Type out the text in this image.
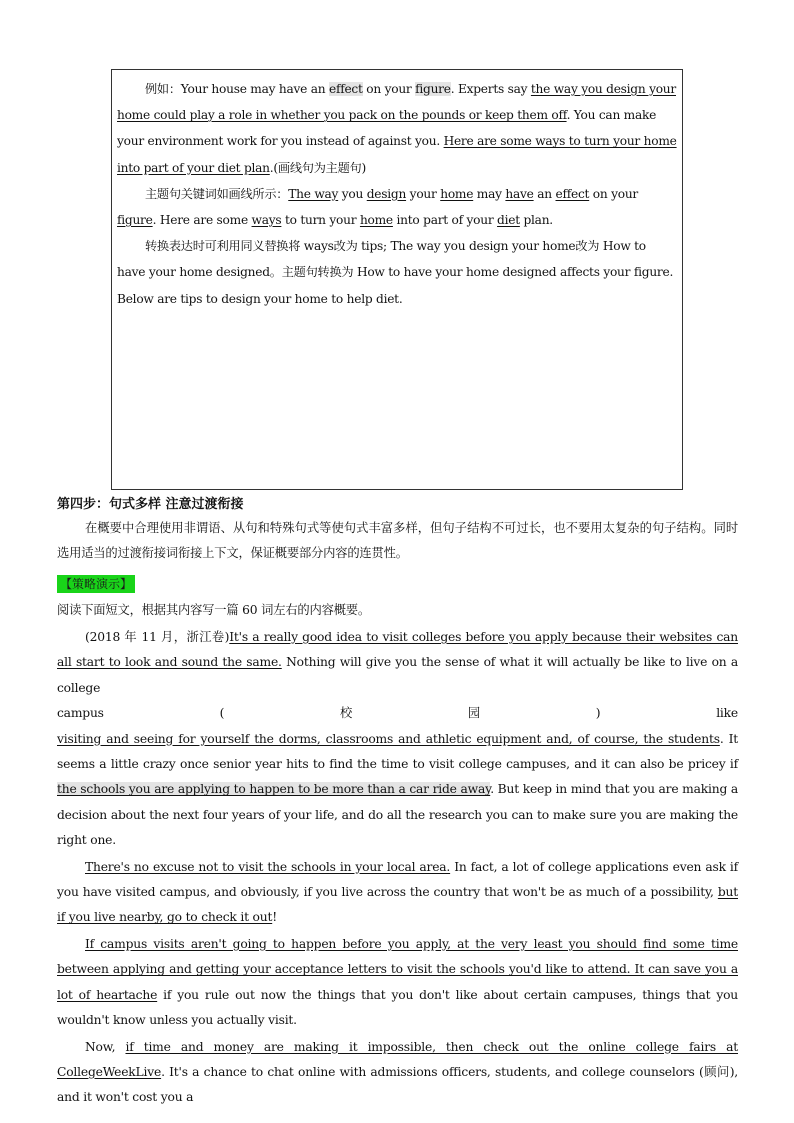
例如：Your house may have an effect on your figure. Experts say the way you design your home could play a role in whether you pack on the pounds or keep them off. You can make your environment work for you instead of against you. Here are some ways to turn your home into part of your diet plan.(画线句为主题句)

主题句关键词如画线所示：The way you design your home may have an effect on your figure. Here are some ways to turn your home into part of your diet plan.

转换表达时可利用同义替换将 ways改为 tips; The way you design your home改为 How to have your home designed。主题句转换为 How to have your home designed affects your figure. Below are tips to design your home to help diet.

第四步：句式多样 注意过渡衔接

在概要中合理使用非谓语、从句和特殊句式等使句式丰富多样，但句子结构不可过长，也不要用太复杂的句子结构。同时选用适当的过渡衔接词衔接上下文，保证概要部分内容的连贯性。

【策略演示】

阅读下面短文，根据其内容写一篇 60 词左右的内容概要。

(2018 年 11 月，浙江卷)It's a really good idea to visit colleges before you apply because their websites can all start to look and sound the same. Nothing will give you the sense of what it will actually be like to live on a college

campus	(	校	园	)	like

visiting and seeing for yourself the dorms, classrooms and athletic equipment and, of course, the students. It seems a little crazy once senior year hits to find the time to visit college campuses, and it can also be pricey if the schools you are applying to happen to be more than a car ride away. But keep in mind that you are making a decision about the next four years of your life, and do all the research you can to make sure you are making the right one.

There's no excuse not to visit the schools in your local area. In fact, a lot of college applications even ask if you have visited campus, and obviously, if you live across the country that won't be as much of a possibility, but if you live nearby, go to check it out!

If campus visits aren't going to happen before you apply, at the very least you should find some time between applying and getting your acceptance letters to visit the schools you'd like to attend. It can save you a lot of heartache if you rule out now the things that you don't like about certain campuses, things that you wouldn't know unless you actually visit.

Now, if time and money are making it impossible, then check out the online college fairs at CollegeWeekLive. It's a chance to chat online with admissions officers, students, and college counselors (顾问), and it won't cost you a
